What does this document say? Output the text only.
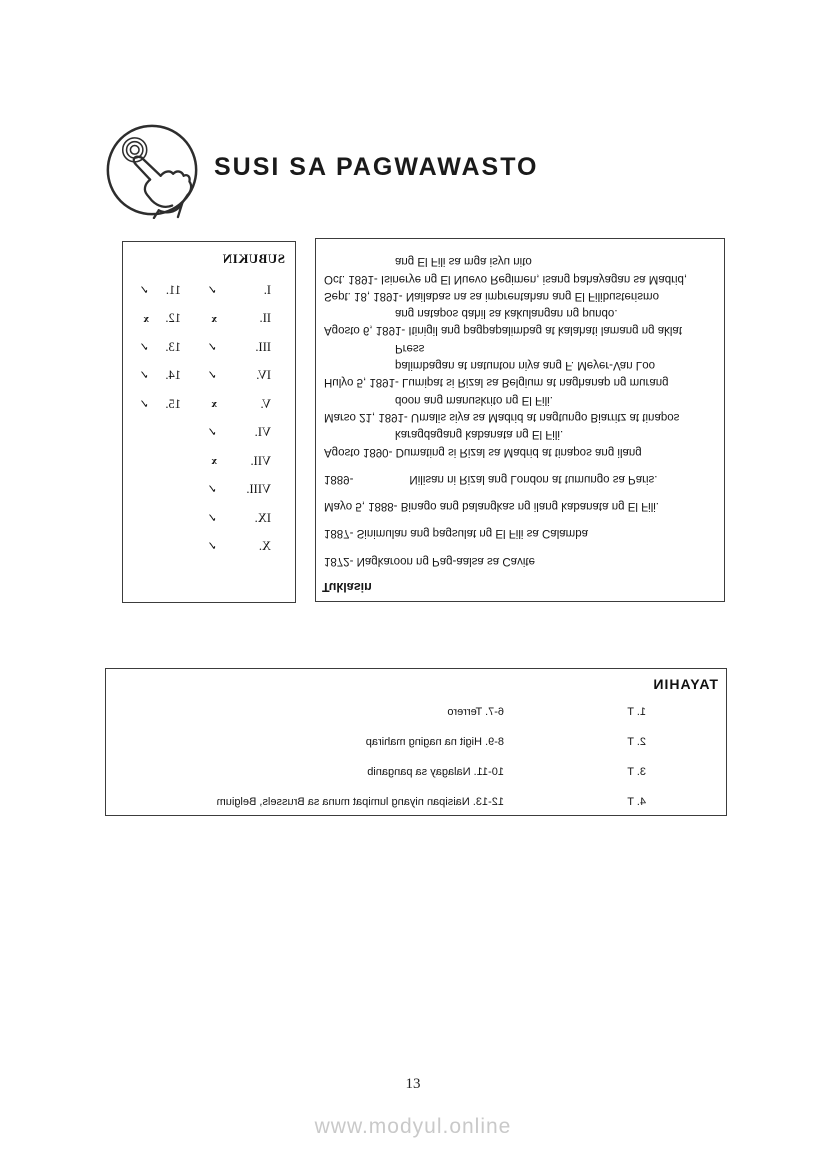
SUSI SA PAGWAWASTO
SUBUKIN
I.
✓
11.
✓
II.
x
12.
x
III.
✓
13.
✓
IV.
✓
14.
✓
V.
x
15.
✓
VI.
✓
VII.
x
VIII.
✓
IX.
✓
X.
✓
Tuklasin
1872- Nagkaroon ng Pag-aalsa sa Cavite
1887- Sinimulan ang pagsulat ng El Fili sa Calamba
Mayo 5, 1888- Binago ang balangkas ng ilang kabanata ng El Fili.
1889-	Nilisan ni Rizal ang London at tumungo sa Paris.
Agosto 1890- Dumating si Rizal sa Madrid at tinapos ang ilang
karagdagang kabanata ng El Fili.
Marso 21, 1891- Umalis siya sa Madrid at nagtungo Biarritz at tinapos
doon ang manuskrito ng El Fili.
Hulyo 5, 1891- Lumipat si Rizal sa Belgium at naghanap ng murang
palimbagan at natunton niya ang F. Meyer-Van Loo
Press
Agosto 6, 1891- Itinigil ang pagpapalimbag at kalahati lamang ng aklat
ang natapos dahil sa kakulangan ng pundo.
Sept. 18, 1891- Nailabas na sa imprentahan ang El Filibusterismo
Oct. 1891- Isinerye ng El Nuevo Regimen, isang pahayagan sa Madrid,
ang El Fili sa mga isyu nito
TAYAHIN
1. T
6-7. Terrero
2. T
8-9. Higit na naging mahirap
3. T
10-11. Nalagay sa panganib
4. T
12-13. Naisipan niyang lumipat muna sa Brussels, Belgium
13
www.modyul.online
